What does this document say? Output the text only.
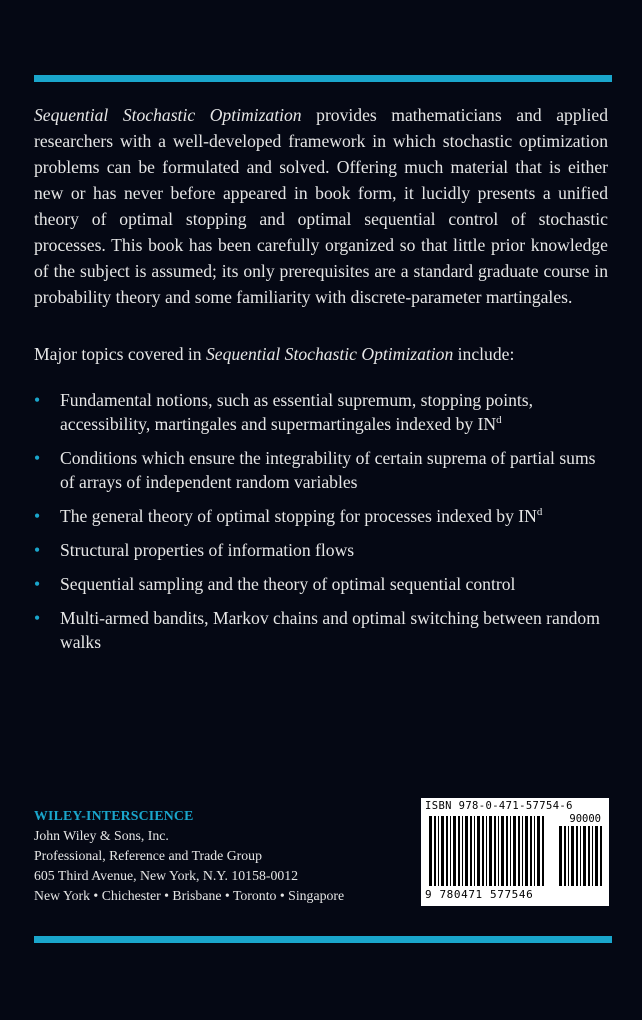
Sequential Stochastic Optimization provides mathematicians and applied researchers with a well-developed framework in which stochastic optimization problems can be formulated and solved. Offering much material that is either new or has never before appeared in book form, it lucidly presents a unified theory of optimal stopping and optimal sequential control of stochastic processes. This book has been carefully organized so that little prior knowledge of the subject is assumed; its only prerequisites are a standard graduate course in probability theory and some familiarity with discrete-parameter martingales.

Major topics covered in Sequential Stochastic Optimization include:

• Fundamental notions, such as essential supremum, stopping points, accessibility, martingales and supermartingales indexed by $IN^d$
• Conditions which ensure the integrability of certain suprema of partial sums of arrays of independent random variables
• The general theory of optimal stopping for processes indexed by $IN^d$
• Structural properties of information flows
• Sequential sampling and the theory of optimal sequential control
• Multi-armed bandits, Markov chains and optimal switching between random walks
WILEY-INTERSCIENCE
John Wiley & Sons, Inc.
Professional, Reference and Trade Group
605 Third Avenue, New York, N.Y. 10158-0012
New York • Chichester • Brisbane • Toronto • Singapore
ISBN 978-0-471-57754-6
90000
9 780471 577546
